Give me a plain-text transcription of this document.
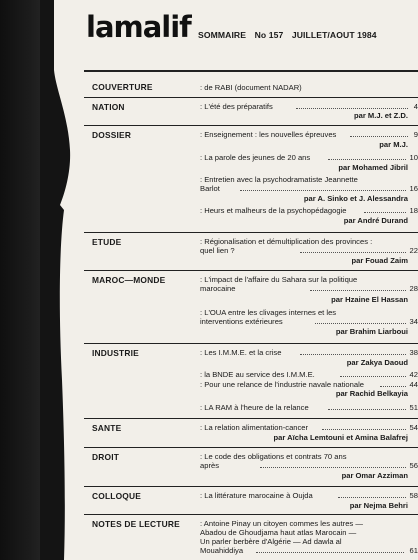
lamalif SOMMAIRE No 157 JUILLET/AOUT 1984
COUVERTURE	: de RABI (document NADAR)
NATION	: L'été des préparatifs	4
par M.J. et Z.D.
DOSSIER	: Enseignement : les nouvelles épreuves	9
par M.J.
: La parole des jeunes de 20 ans	10
par Mohamed Jibril
: Entretien avec la psychodramatiste Jeannette Barlot	16
par A. Sinko et J. Alessandra
: Heurs et malheurs de la psychopédagogie	18
par André Durand
ETUDE	: Régionalisation et démultiplication des provinces : quel lien ?	22
par Fouad Zaim
MAROC—MONDE	: L'impact de l'affaire du Sahara sur la politique marocaine	28
par Hzaine El Hassan
: L'OUA entre les clivages internes et les interventions extérieures	34
par Brahim Liarboui
INDUSTRIE	: Les I.M.M.E. et la crise	38
par Zakya Daoud
: la BNDE au service des I.M.M.E.	42
: Pour une relance de l'industrie navale nationale	44
par Rachid Belkayia
: LA RAM à l'heure de la relance	51
SANTE	: La relation alimentation-cancer	54
par Aïcha Lemtouni et Amina Balafrej
DROIT	: Le code des obligations et contrats 70 ans après	56
par Omar Azziman
COLLOQUE	: La littérature marocaine à Oujda	58
par Nejma Behri
NOTES DE LECTURE	: Antoine Pinay un citoyen commes les autres —
Abadou de Ghoudjama haut atlas Marocain —
Un parler berbère d'Algérie — Ad dawla al
Mouahiddiya	61
